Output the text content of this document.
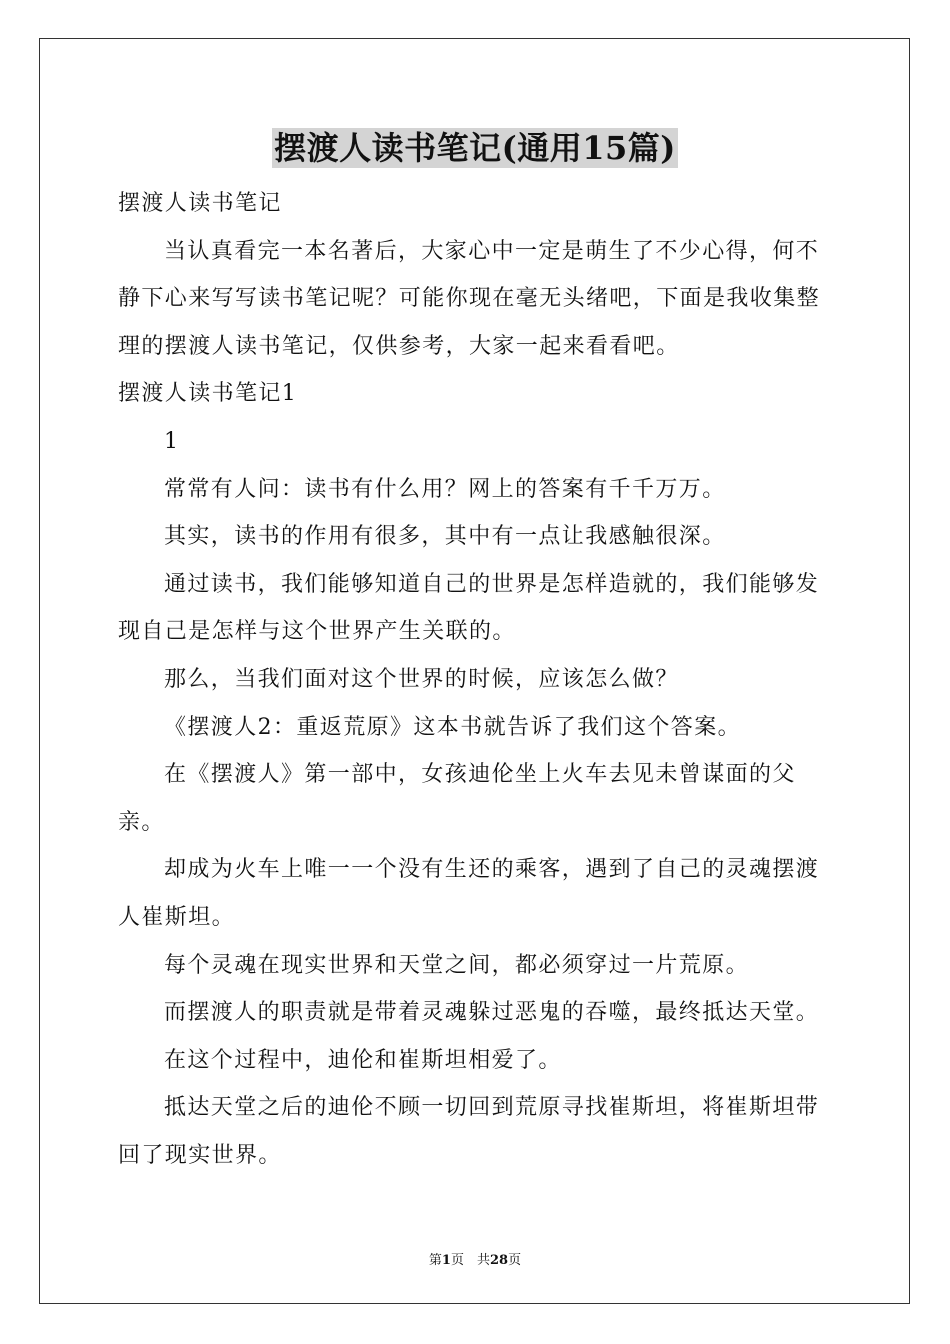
摆渡人读书笔记(通用15篇)

摆渡人读书笔记

当认真看完一本名著后，大家心中一定是萌生了不少心得，何不静下心来写写读书笔记呢？可能你现在毫无头绪吧，下面是我收集整理的摆渡人读书笔记，仅供参考，大家一起来看看吧。

摆渡人读书笔记1

1

常常有人问：读书有什么用？网上的答案有千千万万。

其实，读书的作用有很多，其中有一点让我感触很深。

通过读书，我们能够知道自己的世界是怎样造就的，我们能够发现自己是怎样与这个世界产生关联的。

那么，当我们面对这个世界的时候，应该怎么做？

《摆渡人2：重返荒原》这本书就告诉了我们这个答案。

在《摆渡人》第一部中，女孩迪伦坐上火车去见未曾谋面的父亲。

却成为火车上唯一一个没有生还的乘客，遇到了自己的灵魂摆渡人崔斯坦。

每个灵魂在现实世界和天堂之间，都必须穿过一片荒原。

而摆渡人的职责就是带着灵魂躲过恶鬼的吞噬，最终抵达天堂。

在这个过程中，迪伦和崔斯坦相爱了。

抵达天堂之后的迪伦不顾一切回到荒原寻找崔斯坦，将崔斯坦带回了现实世界。

第1页　共28页
